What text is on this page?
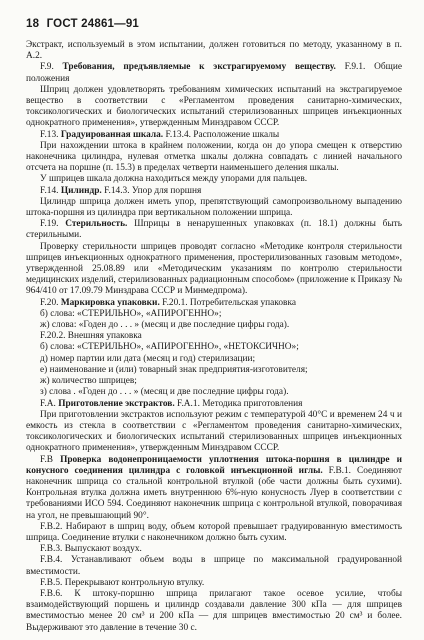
18 ГОСТ 24861—91

Экстракт, используемый в этом испытании, должен готовиться по методу, указанному в п. А.2.

F.9. Требования, предъявляемые к экстрагируемому веществу. F.9.1. Общие положения

Шприц должен удовлетворять требованиям химических испытаний на экстрагируемое вещество в соответствии с «Регламентом проведения санитарно-химических, токсикологических и биологических испытаний стерилизованных шприцев инъекционных однократного применения», утвержденным Минздравом СССР.

F.13. Градуированная шкала. F.13.4. Расположение шкалы

При нахождении штока в крайнем положении, когда он до упора смещен к отверстию наконечника цилиндра, нулевая отметка шкалы должна совпадать с линией начального отсчета на поршне (п. 15.3) в пределах четверти наименьшего деления шкалы.

У шприцев шкала должна находиться между упорами для пальцев.

F.14. Цилиндр. F.14.3. Упор для поршня

Цилиндр шприца должен иметь упор, препятствующий самопроизвольному выпадению штока-поршня из цилиндра при вертикальном положении шприца.

F.19. Стерильность. Шприцы в ненарушенных упаковках (п. 18.1) должны быть стерильными.

Проверку стерильности шприцев проводят согласно «Методике контроля стерильности шприцев инъекционных однократного применения, простерилизованных газовым методом», утвержденной 25.08.89 или «Методическим указаниям по контролю стерильности медицинских изделий, стерилизованных радиационным способом» (приложение к Приказу № 964/410 от 17.09.79 Минздрава СССР и Минмедпрома).

F.20. Маркировка упаковки. F.20.1. Потребительская упаковка

б) слова: «СТЕРИЛЬНО», «АПИРОГЕННО»;

ж) слова: «Годен до . . . » (месяц и две последние цифры года).

F.20.2. Внешняя упаковка

б) слова: «СТЕРИЛЬНО», «АПИРОГЕННО», «НЕТОКСИЧНО»;

д) номер партии или дата (месяц и год) стерилизации;

е) наименование и (или) товарный знак предприятия-изготовителя;

ж) количество шприцев;

з) слова . «Годен до . . . » (месяц и две последние цифры года).

F.A. Приготовление экстрактов. F.A.1. Методика приготовления

При приготовлении экстрактов используют режим с температурой 40°С и временем 24 ч и емкость из стекла в соответствии с «Регламентом проведения санитарно-химических, токсикологических и биологических испытаний стерилизованных шприцев инъекционных однократного применения», утвержденным Минздравом СССР.

F.B Проверка водонепроницаемости уплотнения штока-поршня в цилиндре и конусного соединения цилиндра с головкой инъекционной иглы. F.B.1. Соединяют наконечник шприца со стальной контрольной втулкой (обе части должны быть сухими). Контрольная втулка должна иметь внутреннюю 6%-ную конусность Луер в соответствии с требованиями ИСО 594. Соединяют наконечник шприца с контрольной втулкой, поворачивая на угол, не превышающий 90°.

F.B.2. Набирают в шприц воду, объем которой превышает градуированную вместимость шприца. Соединение втулки с наконечником должно быть сухим.

F.B.3. Выпускают воздух.

F.B.4. Устанавливают объем воды в шприце по максимальной градуированной вместимости.

F.B.5. Перекрывают контрольную втулку.

F.B.6. К штоку-поршню шприца прилагают такое осевое усилие, чтобы взаимодействующий поршень и цилиндр создавали давление 300 кПа — для шприцев вместимостью менее 20 см³ и 200 кПа — для шприцев вместимостью 20 см³ и более. Выдерживают это давление в течение 30 с.
